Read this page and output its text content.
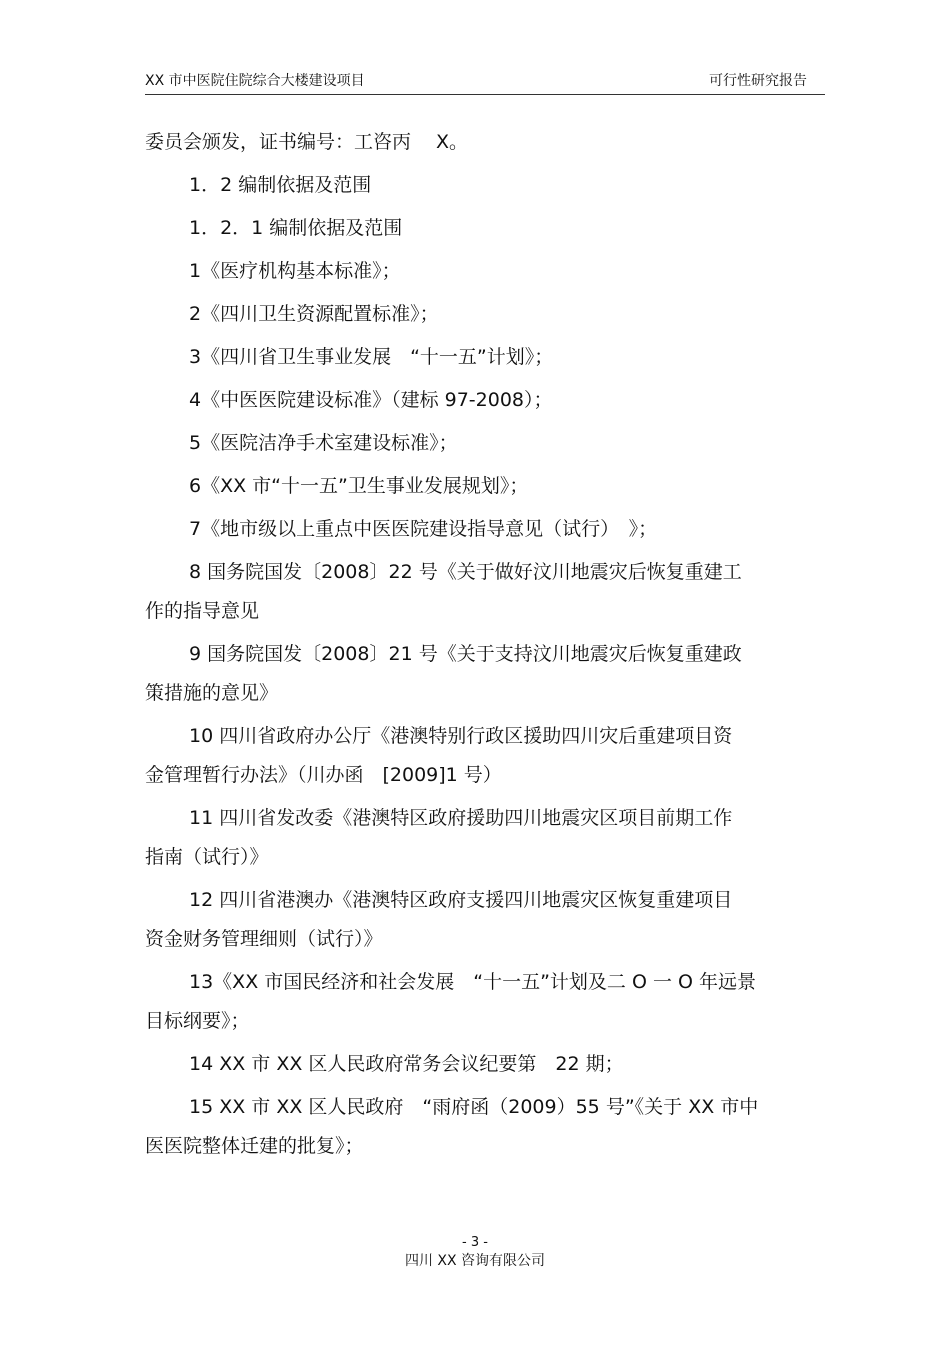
XX 市中医院住院综合大楼建设项目	可行性研究报告
委员会颁发，证书编号：工咨丙　 X。
1．2 编制依据及范围
1．2．1 编制依据及范围
1《医疗机构基本标准》；
2《四川卫生资源配置标准》；
3《四川省卫生事业发展　“十一五”计划》；
4《中医医院建设标准》（建标 97-2008）；
5《医院洁净手术室建设标准》；
6《XX 市“十一五”卫生事业发展规划》；
7《地市级以上重点中医医院建设指导意见（试行）　》；
8 国务院国发〔2008〕22 号《关于做好汶川地震灾后恢复重建工
作的指导意见
9 国务院国发〔2008〕21 号《关于支持汶川地震灾后恢复重建政
策措施的意见》
10 四川省政府办公厅《港澳特别行政区援助四川灾后重建项目资
金管理暂行办法》（川办函　[2009]1 号）
11 四川省发改委《港澳特区政府援助四川地震灾区项目前期工作
指南（试行）》
12 四川省港澳办《港澳特区政府支援四川地震灾区恢复重建项目
资金财务管理细则（试行）》
13《XX 市国民经济和社会发展　“十一五”计划及二 O 一 O 年远景
目标纲要》；
14 XX 市 XX 区人民政府常务会议纪要第　22 期；
15 XX 市 XX 区人民政府　“雨府函（2009）55 号”《关于 XX 市中
医医院整体迁建的批复》；
- 3 -
四川 XX 咨询有限公司
